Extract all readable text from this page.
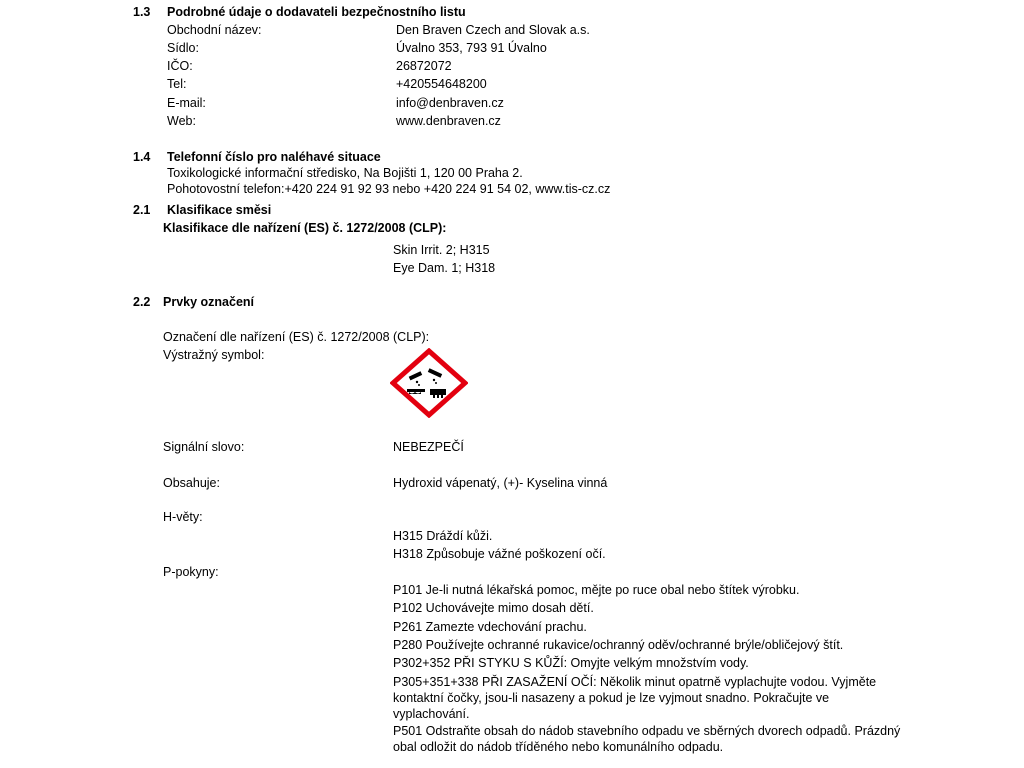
1.3 Podrobné údaje o dodavateli bezpečnostního listu
Obchodní název:	Den Braven Czech and Slovak a.s.
Sídlo:	Úvalno 353, 793 91 Úvalno
IČO:	26872072
Tel:	+420554648200
E-mail:	info@denbraven.cz
Web:	www.denbraven.cz
1.4 Telefonní číslo pro naléhavé situace
Toxikologické informační středisko, Na Bojišti 1, 120 00 Praha 2.
Pohotovostní telefon:+420 224 91 92 93 nebo +420 224 91 54 02, www.tis-cz.cz
2.1 Klasifikace směsi
Klasifikace dle nařízení (ES) č. 1272/2008 (CLP):
Skin Irrit. 2; H315
Eye Dam. 1; H318
2.2 Prvky označení
Označení dle nařízení (ES) č. 1272/2008 (CLP):
Výstražný symbol:
Signální slovo:	NEBEZPEČÍ
Obsahuje:	Hydroxid vápenatý, (+)- Kyselina vinná
H-věty:
H315 Dráždí kůži.
H318 Způsobuje vážné poškození očí.
P-pokyny:
P101 Je-li nutná lékařská pomoc, mějte po ruce obal nebo štítek výrobku.
P102 Uchovávejte mimo dosah dětí.
P261 Zamezte vdechování prachu.
P280 Používejte ochranné rukavice/ochranný oděv/ochranné brýle/obličejový štít.
P302+352 PŘI STYKU S KŮŽÍ: Omyjte velkým množstvím vody.
P305+351+338 PŘI ZASAŽENÍ OČÍ: Několik minut opatrně vyplachujte vodou. Vyjměte
kontaktní čočky, jsou-li nasazeny a pokud je lze vyjmout snadno. Pokračujte ve
vyplachování.
P501 Odstraňte obsah do nádob stavebního odpadu ve sběrných dvorech odpadů. Prázdný
obal odložit do nádob tříděného nebo komunálního odpadu.
